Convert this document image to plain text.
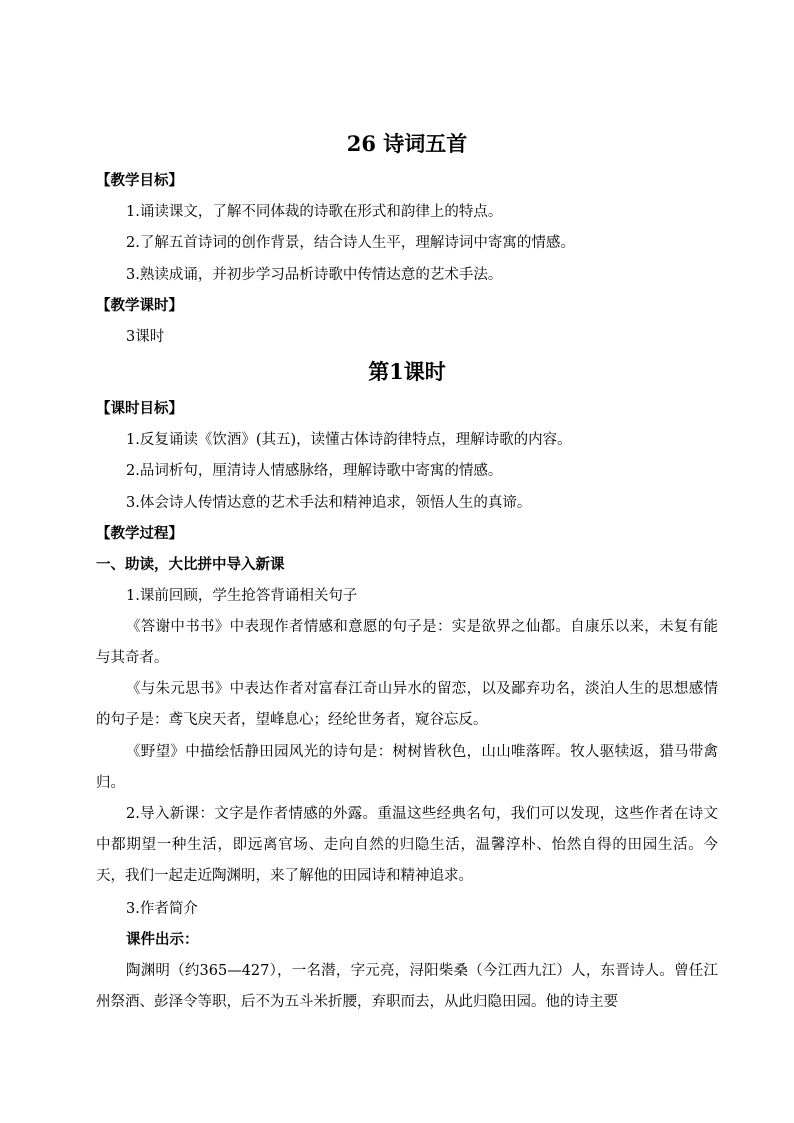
26 诗词五首
【教学目标】
1.诵读课文，了解不同体裁的诗歌在形式和韵律上的特点。
2.了解五首诗词的创作背景，结合诗人生平，理解诗词中寄寓的情感。
3.熟读成诵，并初步学习品析诗歌中传情达意的艺术手法。
【教学课时】
3课时
第1课时
【课时目标】
1.反复诵读《饮酒》(其五)，读懂古体诗韵律特点，理解诗歌的内容。
2.品词析句，厘清诗人情感脉络，理解诗歌中寄寓的情感。
3.体会诗人传情达意的艺术手法和精神追求，领悟人生的真谛。
【教学过程】
一、助读，大比拼中导入新课
1.课前回顾，学生抢答背诵相关句子
《答谢中书书》中表现作者情感和意愿的句子是：实是欲界之仙都。自康乐以来，未复有能与其奇者。
《与朱元思书》中表达作者对富春江奇山异水的留恋，以及鄙弃功名，淡泊人生的思想感情的句子是：鸢飞戾天者，望峰息心；经纶世务者，窥谷忘反。
《野望》中描绘恬静田园风光的诗句是：树树皆秋色，山山唯落晖。牧人驱犊返，猎马带禽归。
2.导入新课：文字是作者情感的外露。重温这些经典名句，我们可以发现，这些作者在诗文中都期望一种生活，即远离官场、走向自然的归隐生活，温馨淳朴、怡然自得的田园生活。今天，我们一起走近陶渊明，来了解他的田园诗和精神追求。
3.作者简介
课件出示：
陶渊明（约365—427），一名潜，字元亮，浔阳柴桑（今江西九江）人，东晋诗人。曾任江州祭酒、彭泽令等职，后不为五斗米折腰，弃职而去，从此归隐田园。他的诗主要
